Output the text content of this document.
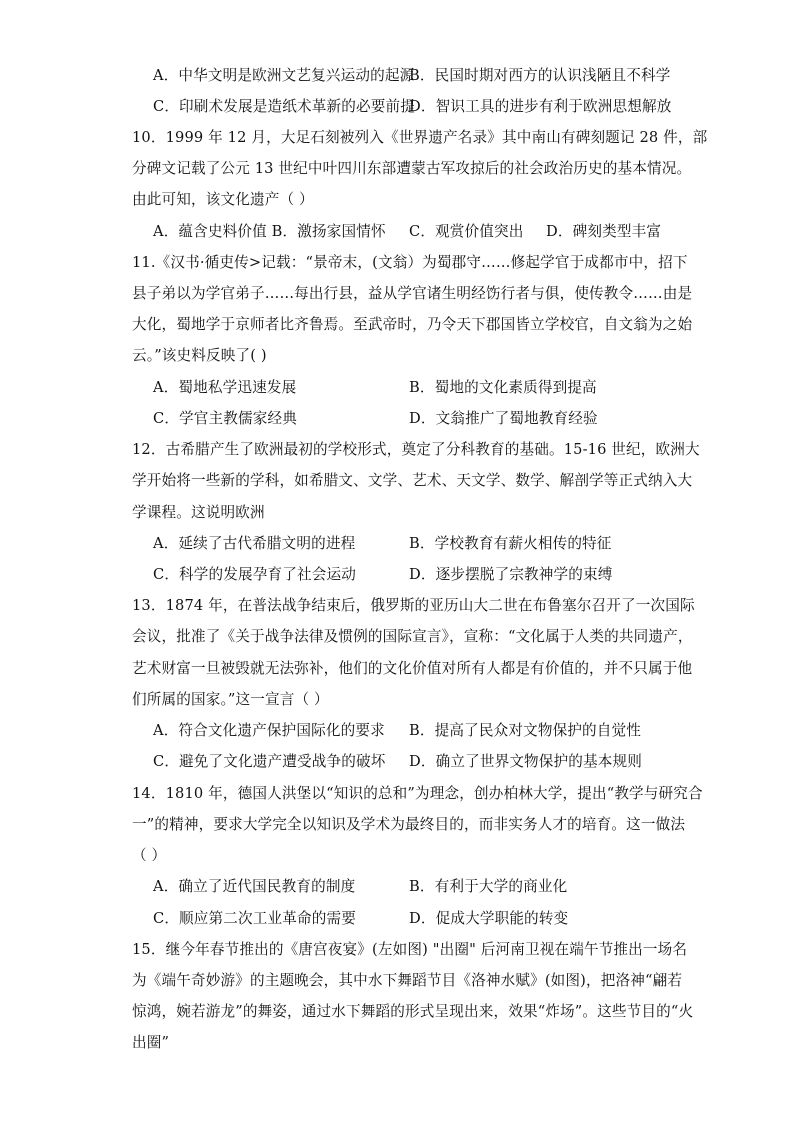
A．中华文明是欧洲文艺复兴运动的起源
B．民国时期对西方的认识浅陋且不科学
C．印刷术发展是造纸术革新的必要前提
D．智识工具的进步有利于欧洲思想解放
10．1999 年 12 月，大足石刻被列入《世界遗产名录》其中南山有碑刻题记 28 件，部
分碑文记载了公元 13 世纪中叶四川东部遭蒙古军攻掠后的社会政治历史的基本情况。
由此可知，该文化遗产（ ）
A．蕴含史料价值 B．激扬家国情怀 C．观赏价值突出 D．碑刻类型丰富
11.《汉书·循吏传>记载：“景帝末，(文翁）为蜀郡守……修起学官于成都市中，招下
县子弟以为学官弟子……每出行县，益从学官诸生明经饬行者与俱，使传教令……由是
大化，蜀地学于京师者比齐鲁焉。至武帝时，乃令天下郡国皆立学校官，自文翁为之始
云。”该史料反映了( )
A．蜀地私学迅速发展	B．蜀地的文化素质得到提高
C．学官主教儒家经典	D．文翁推广了蜀地教育经验
12．古希腊产生了欧洲最初的学校形式，奠定了分科教育的基础。15-16 世纪，欧洲大
学开始将一些新的学科，如希腊文、文学、艺术、天文学、数学、解剖学等正式纳入大
学课程。这说明欧洲
A．延续了古代希腊文明的进程	B．学校教育有薪火相传的特征
C．科学的发展孕育了社会运动	D．逐步摆脱了宗教神学的束缚
13．1874 年，在普法战争结束后，俄罗斯的亚历山大二世在布鲁塞尔召开了一次国际
会议，批准了《关于战争法律及惯例的国际宣言》，宣称：“文化属于人类的共同遗产，
艺术财富一旦被毁就无法弥补，他们的文化价值对所有人都是有价值的，并不只属于他
们所属的国家。”这一宣言（ ）
A．符合文化遗产保护国际化的要求 B．提高了民众对文物保护的自觉性
C．避免了文化遗产遭受战争的破坏 D．确立了世界文物保护的基本规则
14．1810 年，德国人洪堡以“知识的总和”为理念，创办柏林大学，提出“教学与研究合
一”的精神，要求大学完全以知识及学术为最终目的，而非实务人才的培育。这一做法
（ ）
A．确立了近代国民教育的制度	B．有利于大学的商业化
C．顺应第二次工业革命的需要	D．促成大学职能的转变
15．继今年春节推出的《唐宫夜宴》(左如图) "出圈" 后河南卫视在端午节推出一场名
为《端午奇妙游》的主题晚会，其中水下舞蹈节目《洛神水赋》(如图)，把洛神“翩若
惊鸿，婉若游龙”的舞姿，通过水下舞蹈的形式呈现出来，效果“炸场”。这些节目的“火
出圈”
